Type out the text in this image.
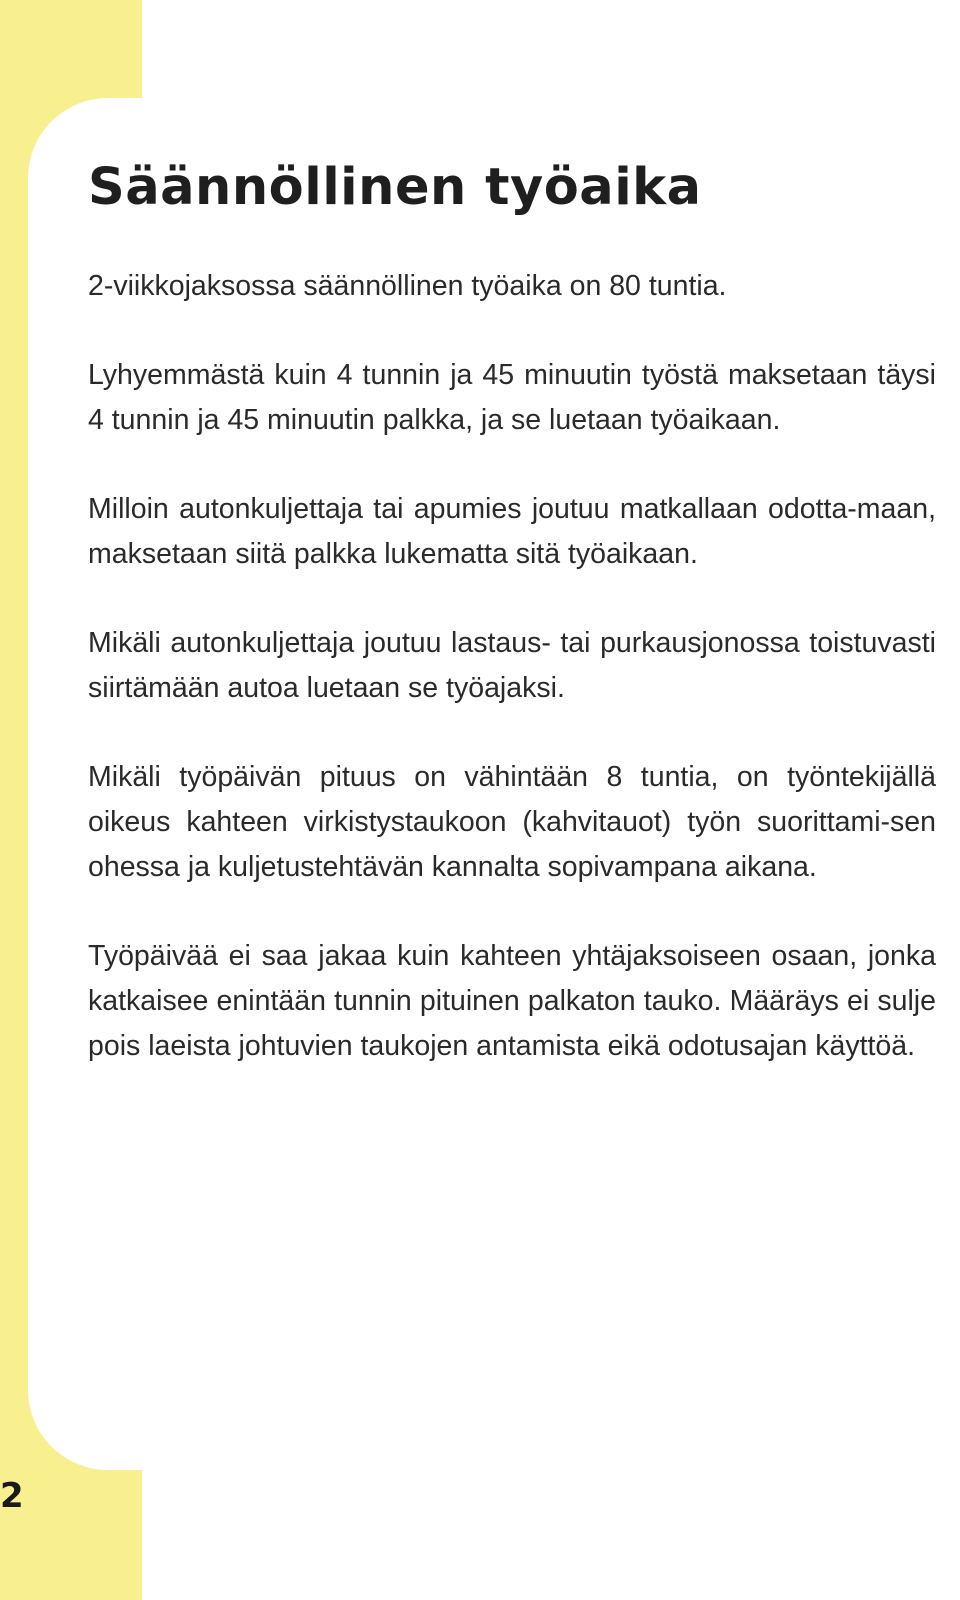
Säännöllinen työaika

2-viikkojaksossa säännöllinen työaika on 80 tuntia.

Lyhyemmästä kuin 4 tunnin ja 45 minuutin työstä maksetaan täysi 4 tunnin ja 45 minuutin palkka, ja se luetaan työaikaan.

Milloin autonkuljettaja tai apumies joutuu matkallaan odotta-maan, maksetaan siitä palkka lukematta sitä työaikaan.

Mikäli autonkuljettaja joutuu lastaus- tai purkausjonossa toistuvasti siirtämään autoa luetaan se työajaksi.

Mikäli työpäivän pituus on vähintään 8 tuntia, on työntekijällä oikeus kahteen virkistystaukoon (kahvitauot) työn suorittami-sen ohessa ja kuljetustehtävän kannalta sopivampana aikana.

Työpäivää ei saa jakaa kuin kahteen yhtäjaksoiseen osaan, jonka katkaisee enintään tunnin pituinen palkaton tauko. Määräys ei sulje pois laeista johtuvien taukojen antamista eikä odotusajan käyttöä.

2
